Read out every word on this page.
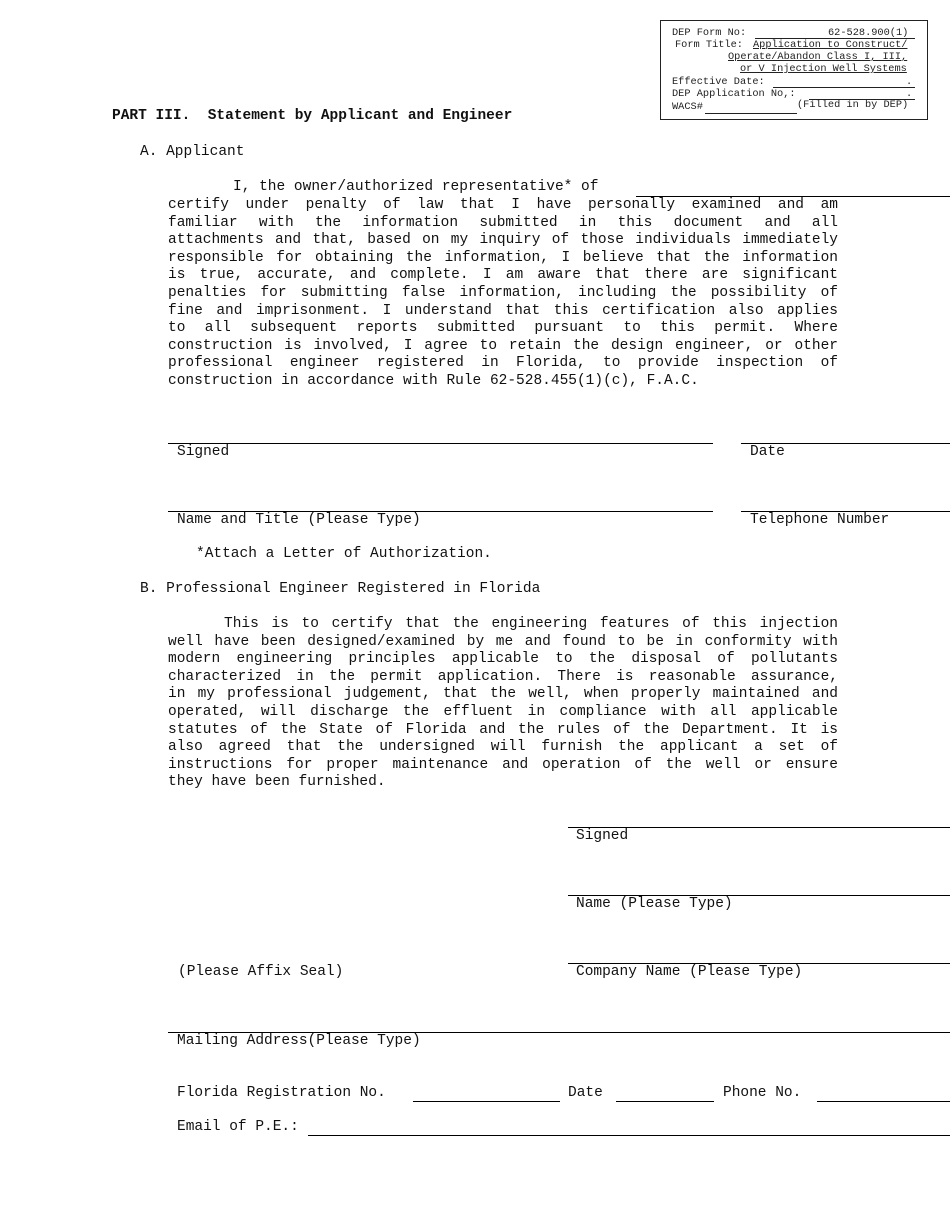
DEP Form No:	62-528.900(1)
Form Title: Application to Construct/
Operate/Abandon Class I, III,
or V Injection Well Systems
Effective Date:	.
DEP Application No,:	.
WACS#	(Filled in by DEP)
PART III.  Statement by Applicant and Engineer
A. Applicant
I, the owner/authorized representative* of
certify under penalty of law that I have personally examined and am
familiar with the information submitted in this document and all
attachments and that, based on my inquiry of those individuals immediately
responsible for obtaining the information, I believe that the information
is true, accurate, and complete. I am aware that there are significant
penalties for submitting false information, including the possibility of
fine and imprisonment. I understand that this certification also applies
to all subsequent reports submitted pursuant to this permit. Where
construction is involved, I agree to retain the design engineer, or other
professional engineer registered in Florida, to provide inspection of
construction in accordance with Rule 62-528.455(1)(c), F.A.C.
Signed	Date
Name and Title (Please Type)	Telephone Number
*Attach a Letter of Authorization.
B. Professional Engineer Registered in Florida
This is to certify that the engineering features of this injection
well have been designed/examined by me and found to be in conformity with
modern engineering principles applicable to the disposal of pollutants
characterized in the permit application. There is reasonable assurance,
in my professional judgement, that the well, when properly maintained and
operated, will discharge the effluent in compliance with all applicable
statutes of the State of Florida and the rules of the Department. It is
also agreed that the undersigned will furnish the applicant a set of
instructions for proper maintenance and operation of the well or ensure
they have been furnished.
Signed
Name (Please Type)
(Please Affix Seal)	Company Name (Please Type)
Mailing Address(Please Type)
Florida Registration No.	Date	Phone No.
Email of P.E.:
